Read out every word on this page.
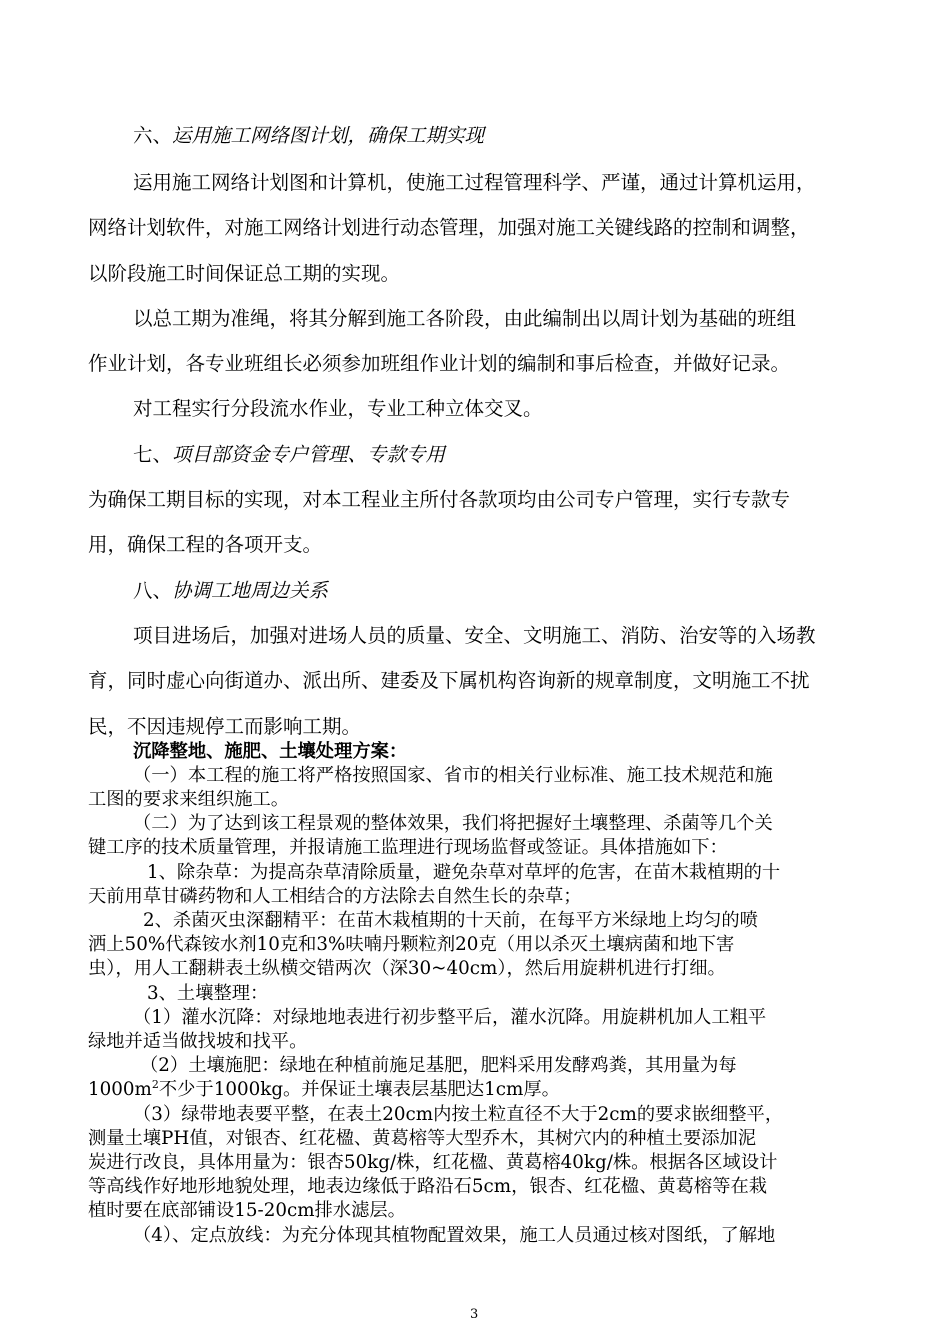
六、运用施工网络图计划，确保工期实现
运用施工网络计划图和计算机，使施工过程管理科学、严谨，通过计算机运用，
网络计划软件，对施工网络计划进行动态管理，加强对施工关键线路的控制和调整，
以阶段施工时间保证总工期的实现。
以总工期为准绳，将其分解到施工各阶段，由此编制出以周计划为基础的班组
作业计划，各专业班组长必须参加班组作业计划的编制和事后检查，并做好记录。
对工程实行分段流水作业，专业工种立体交叉。
七、项目部资金专户管理、专款专用
为确保工期目标的实现，对本工程业主所付各款项均由公司专户管理，实行专款专
用，确保工程的各项开支。
八、协调工地周边关系
项目进场后，加强对进场人员的质量、安全、文明施工、消防、治安等的入场教
育，同时虚心向街道办、派出所、建委及下属机构咨询新的规章制度，文明施工不扰
民，不因违规停工而影响工期。
沉降整地、施肥、土壤处理方案：
（一）本工程的施工将严格按照国家、省市的相关行业标准、施工技术规范和施
工图的要求来组织施工。
（二）为了达到该工程景观的整体效果，我们将把握好土壤整理、杀菌等几个关
键工序的技术质量管理，并报请施工监理进行现场监督或签证。具体措施如下：
1、除杂草：为提高杂草清除质量，避免杂草对草坪的危害，在苗木栽植期的十
天前用草甘磷药物和人工相结合的方法除去自然生长的杂草；
2、杀菌灭虫深翻精平：在苗木栽植期的十天前，在每平方米绿地上均匀的喷
洒上50%代森铵水剂10克和3%呋喃丹颗粒剂20克（用以杀灭土壤病菌和地下害
虫），用人工翻耕表土纵横交错两次（深30~40cm），然后用旋耕机进行打细。
3、土壤整理：
（1）灌水沉降：对绿地地表进行初步整平后，灌水沉降。用旋耕机加人工粗平
绿地并适当做找坡和找平。
（2）土壤施肥：绿地在种植前施足基肥，肥料采用发酵鸡粪，其用量为每
$1000m^2$不少于1000kg。并保证土壤表层基肥达1cm厚。
（3）绿带地表要平整，在表土20cm内按土粒直径不大于2cm的要求嵌细整平，
测量土壤PH值，对银杏、红花楹、黄葛榕等大型乔木，其树穴内的种植土要添加泥
炭进行改良，具体用量为：银杏50kg/株，红花楹、黄葛榕40kg/株。根据各区域设计
等高线作好地形地貌处理，地表边缘低于路沿石5cm，银杏、红花楹、黄葛榕等在栽
植时要在底部铺设15-20cm排水滤层。
（4）、定点放线：为充分体现其植物配置效果，施工人员通过核对图纸，了解地
3
